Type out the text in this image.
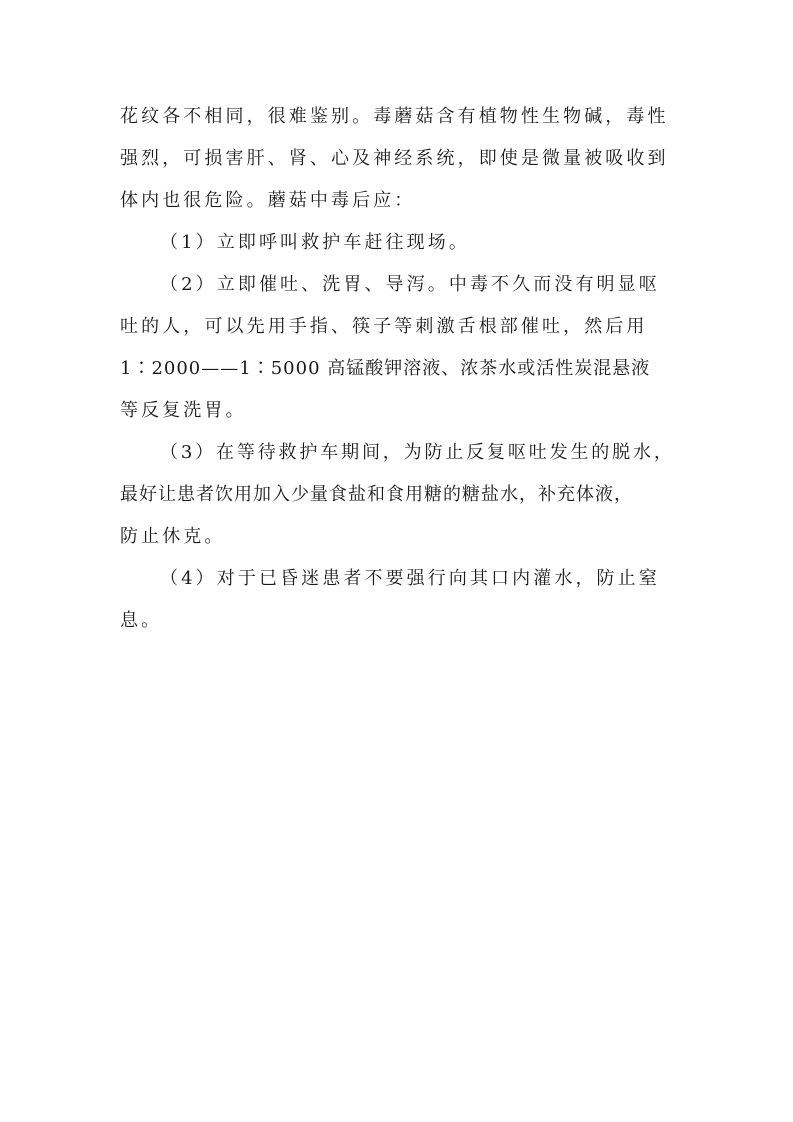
花纹各不相同，很难鉴别。毒蘑菇含有植物性生物碱，毒性

强烈，可损害肝、肾、心及神经系统，即使是微量被吸收到

体内也很危险。蘑菇中毒后应：

（1）立即呼叫救护车赶往现场。

（2）立即催吐、洗胃、导泻。中毒不久而没有明显呕

吐的人，可以先用手指、筷子等刺激舌根部催吐，然后用

1∶2000——1∶5000 高锰酸钾溶液、浓茶水或活性炭混悬液

等反复洗胃。

（3）在等待救护车期间，为防止反复呕吐发生的脱水，

最好让患者饮用加入少量食盐和食用糖的糖盐水，补充体液，

防止休克。

（4）对于已昏迷患者不要强行向其口内灌水，防止窒

息。
